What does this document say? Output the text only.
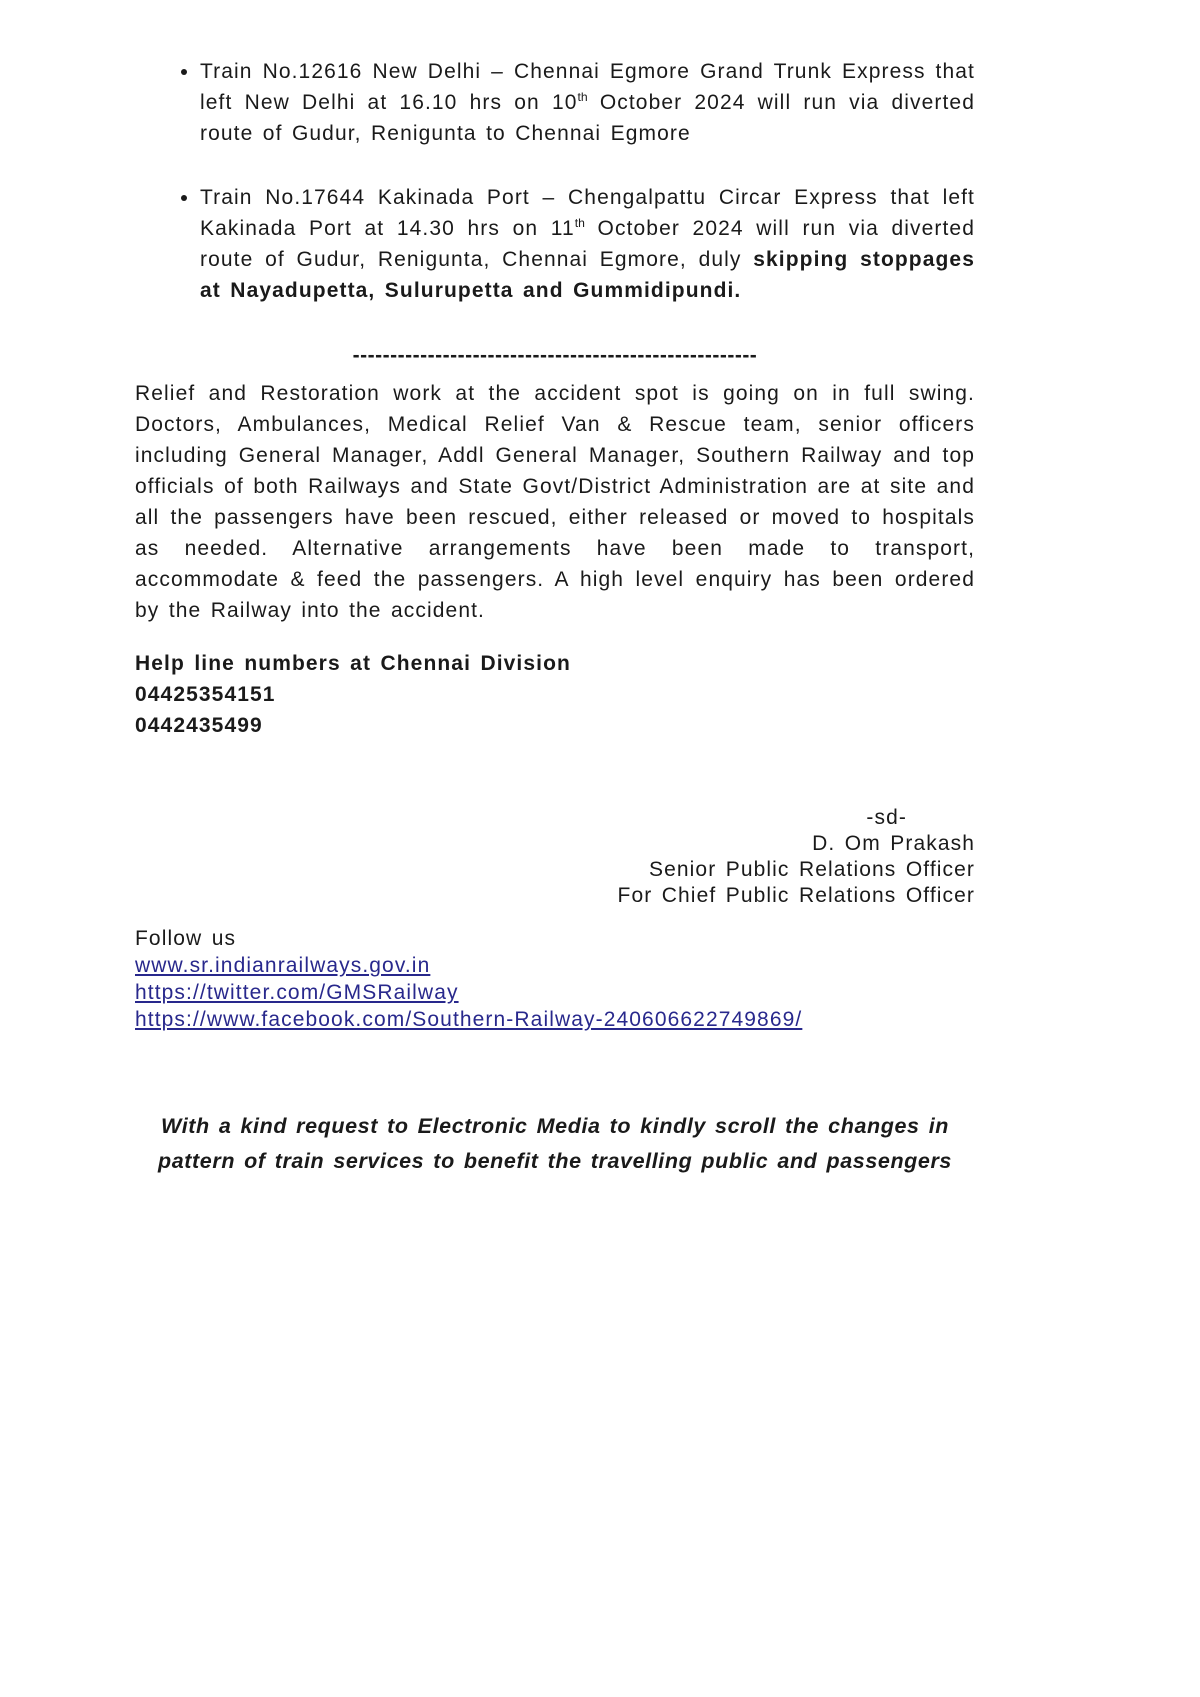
• Train No.12616 New Delhi – Chennai Egmore Grand Trunk Express that left New Delhi at 16.10 hrs on 10th October 2024 will run via diverted route of Gudur, Renigunta to Chennai Egmore
• Train No.17644 Kakinada Port – Chengalpattu Circar Express that left Kakinada Port at 14.30 hrs on 11th October 2024 will run via diverted route of Gudur, Renigunta, Chennai Egmore, duly skipping stoppages at Nayadupetta, Sulurupetta and Gummidipundi.
------------------------------------------------------

Relief and Restoration work at the accident spot is going on in full swing. Doctors, Ambulances, Medical Relief Van & Rescue team, senior officers including General Manager, Addl General Manager, Southern Railway and top officials of both Railways and State Govt/District Administration are at site and all the passengers have been rescued, either released or moved to hospitals as needed. Alternative arrangements have been made to transport, accommodate & feed the passengers. A high level enquiry has been ordered by the Railway into the accident.

Help line numbers at Chennai Division

04425354151

0442435499

-sd-
D. Om Prakash
Senior Public Relations Officer
For Chief Public Relations Officer

Follow us

www.sr.indianrailways.gov.in
https://twitter.com/GMSRailway
https://www.facebook.com/Southern-Railway-240606622749869/

With a kind request to Electronic Media to kindly scroll the changes in pattern of train services to benefit the travelling public and passengers
